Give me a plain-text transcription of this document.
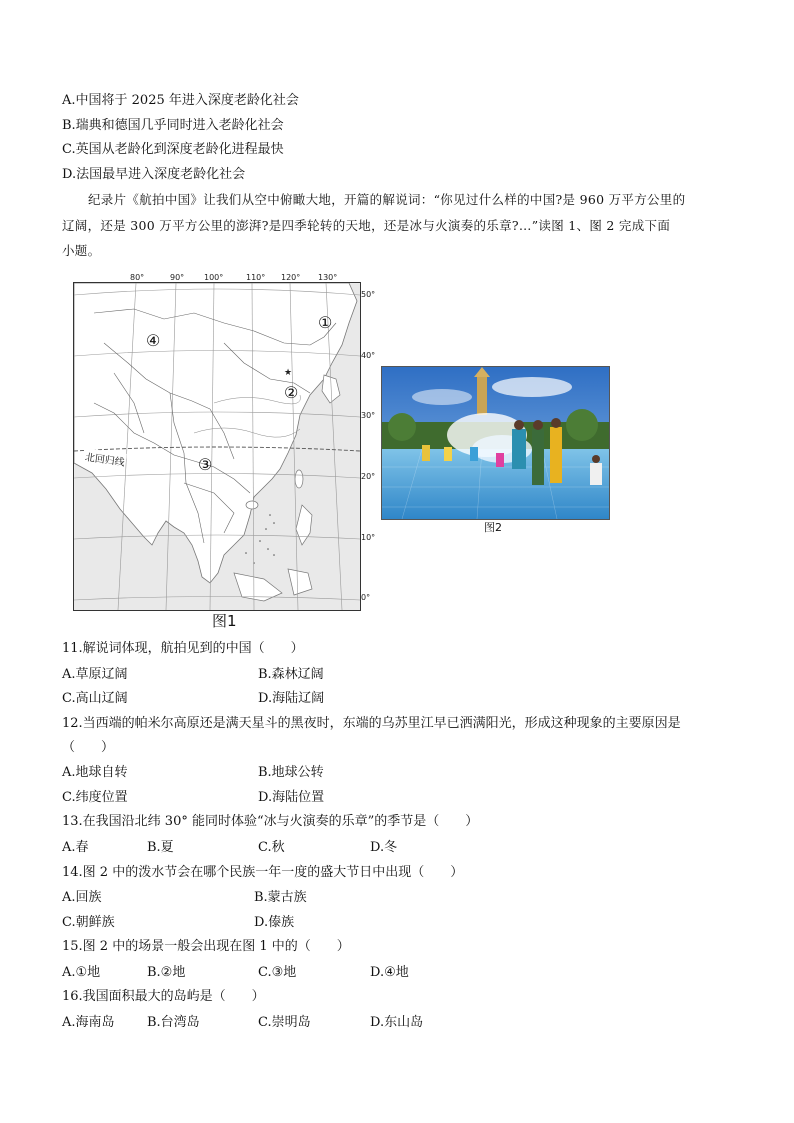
A.中国将于 2025 年进入深度老龄化社会
B.瑞典和德国几乎同时进入老龄化社会
C.英国从老龄化到深度老龄化进程最快
D.法国最早进入深度老龄化社会
纪录片《航拍中国》让我们从空中俯瞰大地，开篇的解说词：“你见过什么样的中国?是 960 万平方公里的
辽阔，还是 300 万平方公里的澎湃?是四季轮转的天地，还是冰与火演奏的乐章?…”读图 1、图 2 完成下面
小题。
80°	90° 100°	110° 120° 130°
50°
40°
30°
20°
10°
0°
★
①
②
③
④
北回归线
图1
图2
11.解说词体现，航拍见到的中国（　　）
A.草原辽阔	B.森林辽阔
C.高山辽阔	D.海陆辽阔
12.当西端的帕米尔高原还是满天星斗的黑夜时，东端的乌苏里江早已洒满阳光，形成这种现象的主要原因是
（　　）
A.地球自转	B.地球公转
C.纬度位置	D.海陆位置
13.在我国沿北纬 30° 能同时体验“冰与火演奏的乐章”的季节是（　　）
A.春	B.夏	C.秋	D.冬
14.图 2 中的泼水节会在哪个民族一年一度的盛大节日中出现（　　）
A.回族	B.蒙古族
C.朝鲜族	D.傣族
15.图 2 中的场景一般会出现在图 1 中的（　　）
A.①地	B.②地	C.③地	D.④地
16.我国面积最大的岛屿是（　　）
A.海南岛 B.台湾岛	C.崇明岛	D.东山岛
